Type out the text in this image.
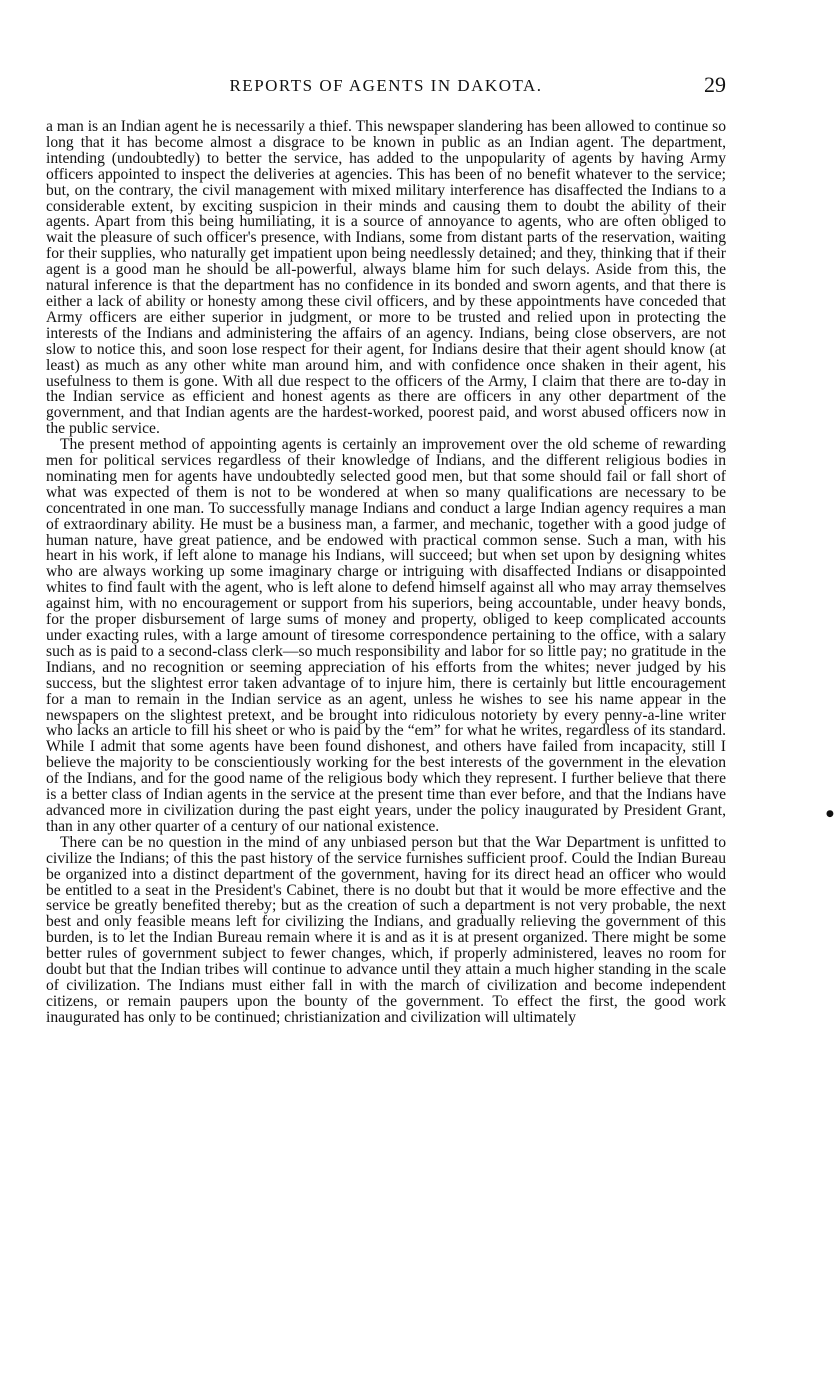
REPORTS OF AGENTS IN DAKOTA.	29

a man is an Indian agent he is necessarily a thief. This newspaper slandering has been allowed to continue so long that it has become almost a disgrace to be known in public as an Indian agent. The department, intending (undoubtedly) to better the service, has added to the unpopularity of agents by having Army officers appointed to inspect the deliveries at agencies. This has been of no benefit whatever to the service; but, on the contrary, the civil management with mixed military interference has disaffected the Indians to a considerable extent, by exciting suspicion in their minds and causing them to doubt the ability of their agents. Apart from this being humiliating, it is a source of annoyance to agents, who are often obliged to wait the pleasure of such officer's presence, with Indians, some from distant parts of the reservation, waiting for their supplies, who naturally get impatient upon being needlessly detained; and they, thinking that if their agent is a good man he should be all-powerful, always blame him for such delays. Aside from this, the natural inference is that the department has no confidence in its bonded and sworn agents, and that there is either a lack of ability or honesty among these civil officers, and by these appointments have conceded that Army officers are either superior in judgment, or more to be trusted and relied upon in protecting the interests of the Indians and administering the affairs of an agency. Indians, being close observers, are not slow to notice this, and soon lose respect for their agent, for Indians desire that their agent should know (at least) as much as any other white man around him, and with confidence once shaken in their agent, his usefulness to them is gone. With all due respect to the officers of the Army, I claim that there are to-day in the Indian service as efficient and honest agents as there are officers in any other department of the government, and that Indian agents are the hardest-worked, poorest paid, and worst abused officers now in the public service.

The present method of appointing agents is certainly an improvement over the old scheme of rewarding men for political services regardless of their knowledge of Indians, and the different religious bodies in nominating men for agents have undoubtedly selected good men, but that some should fail or fall short of what was expected of them is not to be wondered at when so many qualifications are necessary to be concentrated in one man. To successfully manage Indians and conduct a large Indian agency requires a man of extraordinary ability. He must be a business man, a farmer, and mechanic, together with a good judge of human nature, have great patience, and be endowed with practical common sense. Such a man, with his heart in his work, if left alone to manage his Indians, will succeed; but when set upon by designing whites who are always working up some imaginary charge or intriguing with disaffected Indians or disappointed whites to find fault with the agent, who is left alone to defend himself against all who may array themselves against him, with no encouragement or support from his superiors, being accountable, under heavy bonds, for the proper disbursement of large sums of money and property, obliged to keep complicated accounts under exacting rules, with a large amount of tiresome correspondence pertaining to the office, with a salary such as is paid to a second-class clerk—so much responsibility and labor for so little pay; no gratitude in the Indians, and no recognition or seeming appreciation of his efforts from the whites; never judged by his success, but the slightest error taken advantage of to injure him, there is certainly but little encouragement for a man to remain in the Indian service as an agent, unless he wishes to see his name appear in the newspapers on the slightest pretext, and be brought into ridiculous notoriety by every penny-a-line writer who lacks an article to fill his sheet or who is paid by the “em” for what he writes, regardless of its standard. While I admit that some agents have been found dishonest, and others have failed from incapacity, still I believe the majority to be conscientiously working for the best interests of the government in the elevation of the Indians, and for the good name of the religious body which they represent. I further believe that there is a better class of Indian agents in the service at the present time than ever before, and that the Indians have advanced more in civilization during the past eight years, under the policy inaugurated by President Grant, than in any other quarter of a century of our national existence.

There can be no question in the mind of any unbiased person but that the War Department is unfitted to civilize the Indians; of this the past history of the service furnishes sufficient proof. Could the Indian Bureau be organized into a distinct department of the government, having for its direct head an officer who would be entitled to a seat in the President's Cabinet, there is no doubt but that it would be more effective and the service be greatly benefited thereby; but as the creation of such a department is not very probable, the next best and only feasible means left for civilizing the Indians, and gradually relieving the government of this burden, is to let the Indian Bureau remain where it is and as it is at present organized. There might be some better rules of government subject to fewer changes, which, if properly administered, leaves no room for doubt but that the Indian tribes will continue to advance until they attain a much higher standing in the scale of civilization. The Indians must either fall in with the march of civilization and become independent citizens, or remain paupers upon the bounty of the government. To effect the first, the good work inaugurated has only to be continued; christianization and civilization will ultimately

●
